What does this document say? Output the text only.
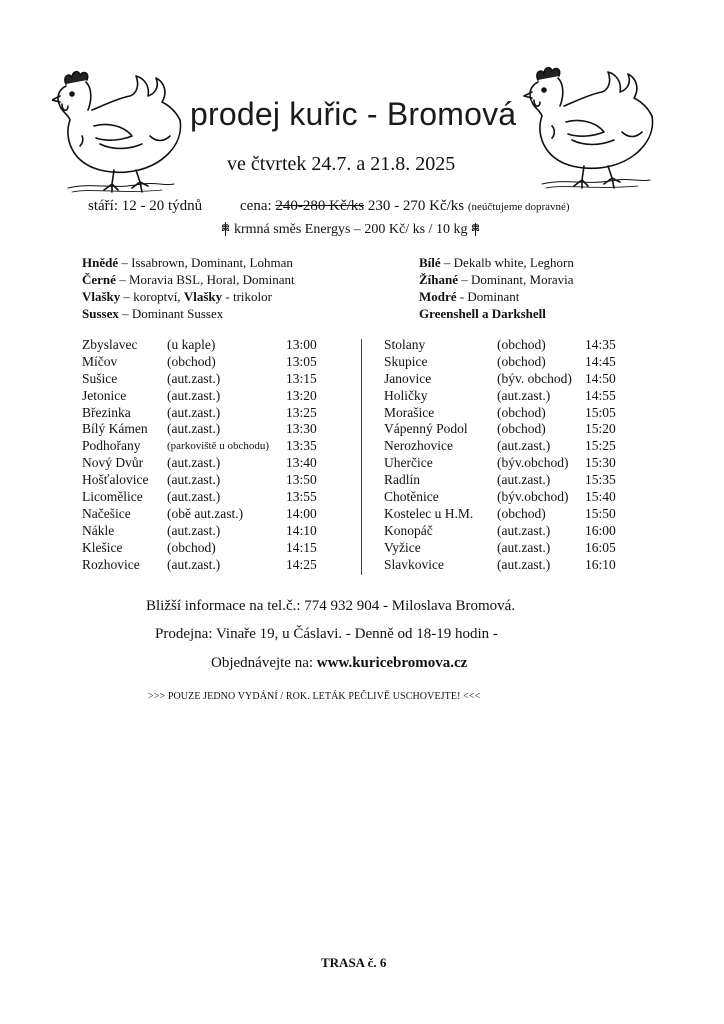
prodej kuřic - Bromová
ve čtvrtek 24.7. a 21.8. 2025
stáří: 12 - 20 týdnů	cena: 240-280 Kč/ks 230 - 270 Kč/ks (neúčtujeme dopravné)
krmná směs Energys – 200 Kč/ ks / 10 kg
Hnědé – Issabrown, Dominant, Lohman
Černé – Moravia BSL, Horal, Dominant
Vlašky – koroptví, Vlašky - trikolor
Sussex – Dominant Sussex
Bílé – Dekalb white, Leghorn
Žíhané – Dominant, Moravia
Modré - Dominant
Greenshell a Darkshell
Zbyslavec (u kaple)	13:00
Míčov	(obchod)	13:05
Sušice	(aut.zast.)	13:15
Jetonice	(aut.zast.)	13:20
Březinka	(aut.zast.)	13:25
Bílý Kámen (aut.zast.)	13:30
Podhořany (parkoviště u obchodu) 13:35
Nový Dvůr (aut.zast.)	13:40
Hošťalovice (aut.zast.)	13:50
Licomělice (aut.zast.)	13:55
Načešice	(obě aut.zast.)	14:00
Nákle	(aut.zast.)	14:10
Klešice	(obchod)	14:15
Rozhovice (aut.zast.)	14:25
Stolany	(obchod)	14:35
Skupice	(obchod)	14:45
Janovice	(býv. obchod) 14:50
Holičky	(aut.zast.)	14:55
Morašice	(obchod)	15:05
Vápenný Podol (obchod)	15:20
Nerozhovice	(aut.zast.)	15:25
Uherčice	(býv.obchod) 15:30
Radlín	(aut.zast.)	15:35
Chotěnice	(býv.obchod) 15:40
Kostelec u H.M. (obchod)	15:50
Konopáč	(aut.zast.)	16:00
Vyžice	(aut.zast.)	16:05
Slavkovice	(aut.zast.)	16:10
Bližší informace na tel.č.: 774 932 904 - Miloslava Bromová.
Prodejna: Vinaře 19, u Čáslavi. - Denně od 18-19 hodin -
Objednávejte na: www.kuricebromova.cz
>>> POUZE JEDNO VYDÁNÍ / ROK. LETÁK PEČLIVĚ USCHOVEJTE! <<<
TRASA č. 6
